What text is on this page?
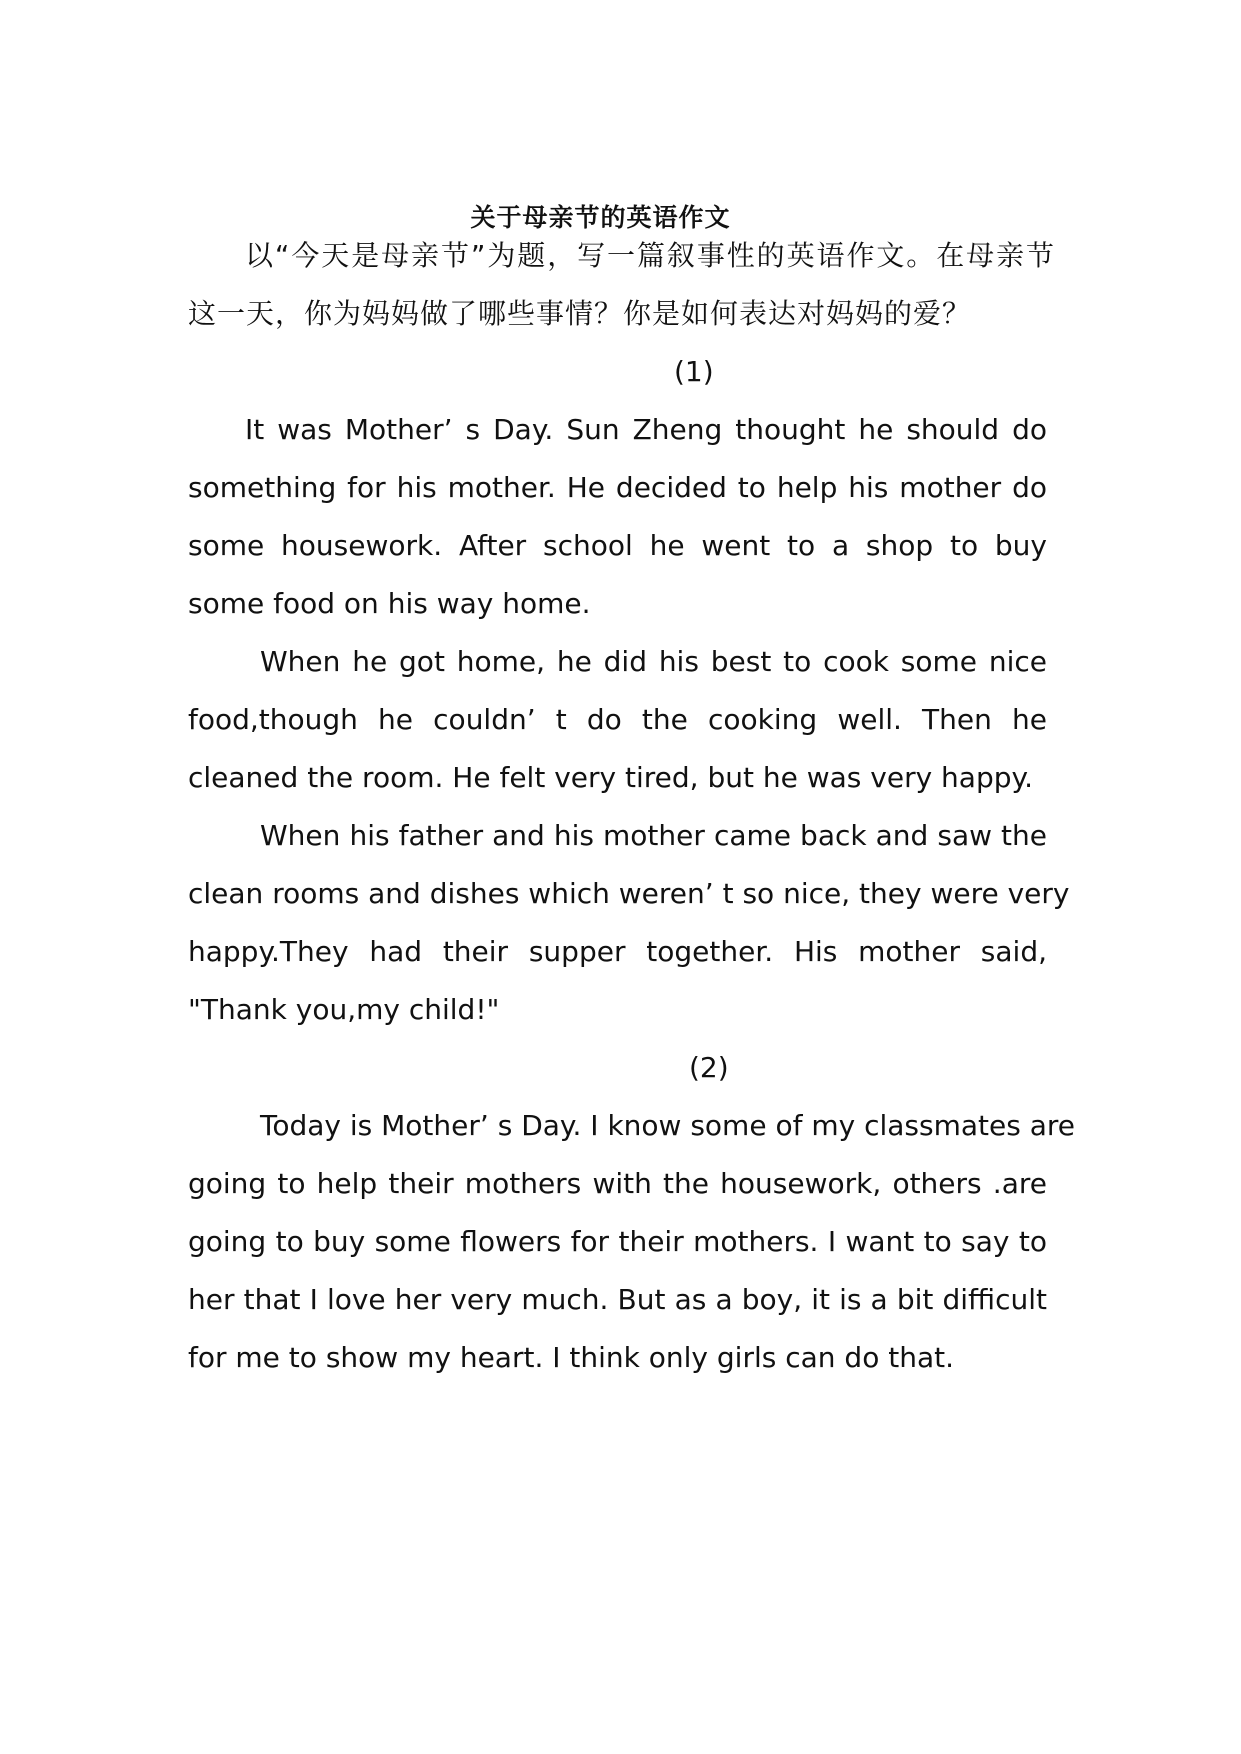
关于母亲节的英语作文
以“今天是母亲节”为题，写一篇叙事性的英语作文。在母亲节
这一天，你为妈妈做了哪些事情？你是如何表达对妈妈的爱？
(1)
It was Mother’ s Day. Sun Zheng thought he should do
something for his mother. He decided to help his mother do
some housework. After school he went to a shop to buy
some food on his way home.
When he got home, he did his best to cook some nice
food,though he couldn’ t do the cooking well. Then he
cleaned the room. He felt very tired, but he was very happy.
When his father and his mother came back and saw the
clean rooms and dishes which weren’ t so nice, they were very
happy.They had their supper together. His mother said,
"Thank you,my child!"
(2)
Today is Mother’ s Day. I know some of my classmates are
going to help their mothers with the housework, others .are
going to buy some flowers for their mothers. I want to say to
her that I love her very much. But as a boy, it is a bit difficult
for me to show my heart. I think only girls can do that.
